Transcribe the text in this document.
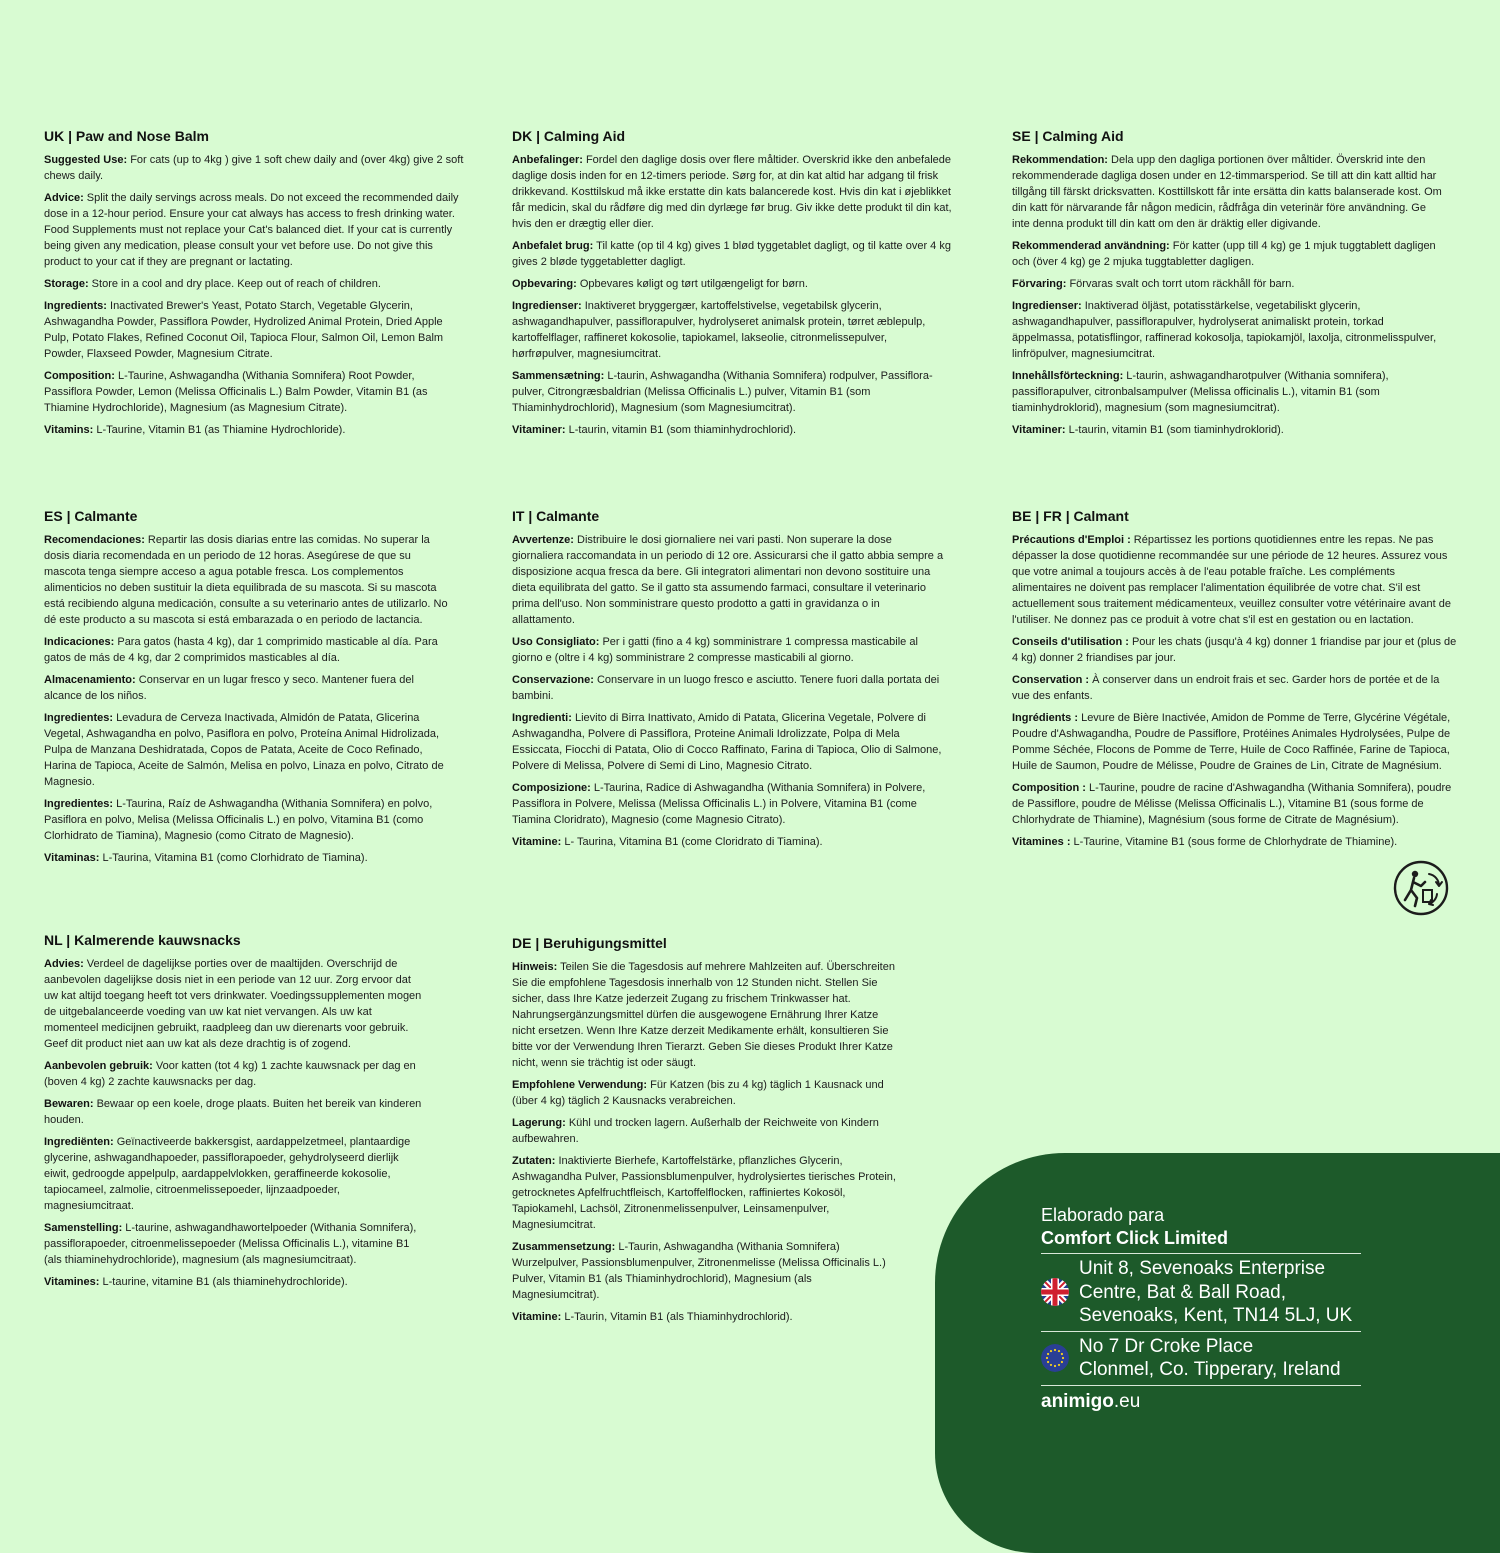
UK | Paw and Nose Balm

Suggested Use: For cats (up to 4kg ) give 1 soft chew daily and (over 4kg) give 2 soft chews daily.

Advice: Split the daily servings across meals. Do not exceed the recommended daily dose in a 12-hour period. Ensure your cat always has access to fresh drinking water. Food Supplements must not replace your Cat's balanced diet. If your cat is currently being given any medication, please consult your vet before use. Do not give this product to your cat if they are pregnant or lactating.

Storage: Store in a cool and dry place. Keep out of reach of children.

Ingredients: Inactivated Brewer's Yeast, Potato Starch, Vegetable Glycerin, Ashwagandha Powder, Passiflora Powder, Hydrolized Animal Protein, Dried Apple Pulp, Potato Flakes, Refined Coconut Oil, Tapioca Flour, Salmon Oil, Lemon Balm Powder, Flaxseed Powder, Magnesium Citrate.

Composition: L-Taurine, Ashwagandha (Withania Somnifera) Root Powder, Passiflora Powder, Lemon (Melissa Officinalis L.) Balm Powder, Vitamin B1 (as Thiamine Hydrochloride), Magnesium (as Magnesium Citrate).

Vitamins: L-Taurine, Vitamin B1 (as Thiamine Hydrochloride).

DK | Calming Aid

Anbefalinger: Fordel den daglige dosis over flere måltider. Overskrid ikke den anbefalede daglige dosis inden for en 12-timers periode. Sørg for, at din kat altid har adgang til frisk drikkevand. Kosttilskud må ikke erstatte din kats balancerede kost. Hvis din kat i øjeblikket får medicin, skal du rådføre dig med din dyrlæge før brug. Giv ikke dette produkt til din kat, hvis den er drægtig eller dier.

Anbefalet brug: Til katte (op til 4 kg) gives 1 blød tyggetablet dagligt, og til katte over 4 kg gives 2 bløde tyggetabletter dagligt.

Opbevaring: Opbevares køligt og tørt utilgængeligt for børn.

Ingredienser: Inaktiveret bryggergær, kartoffelstivelse, vegetabilsk glycerin, ashwagandhapulver, passiflorapulver, hydrolyseret animalsk protein, tørret æblepulp, kartoffelflager, raffineret kokosolie, tapiokamel, lakseolie, citronmelissepulver, hørfrøpulver, magnesiumcitrat.

Sammensætning: L-taurin, Ashwagandha (Withania Somnifera) rodpulver, Passiflora-pulver, Citrongræsbaldrian (Melissa Officinalis L.) pulver, Vitamin B1 (som Thiaminhydrochlorid), Magnesium (som Magnesiumcitrat).

Vitaminer: L-taurin, vitamin B1 (som thiaminhydrochlorid).

SE | Calming Aid

Rekommendation: Dela upp den dagliga portionen över måltider. Överskrid inte den rekommenderade dagliga dosen under en 12-timmarsperiod. Se till att din katt alltid har tillgång till färskt dricksvatten. Kosttillskott får inte ersätta din katts balanserade kost. Om din katt för närvarande får någon medicin, rådfråga din veterinär före användning. Ge inte denna produkt till din katt om den är dräktig eller digivande.

Rekommenderad användning: För katter (upp till 4 kg) ge 1 mjuk tuggtablett dagligen och (över 4 kg) ge 2 mjuka tuggtabletter dagligen.

Förvaring: Förvaras svalt och torrt utom räckhåll för barn.

Ingredienser: Inaktiverad ölјäst, potatisstärkelse, vegetabiliskt glycerin, ashwagandhapulver, passiflorapulver, hydrolyserat animaliskt protein, torkad äppelmassa, potatisflingor, raffinerad kokosolja, tapiokamjöl, laxolja, citronmelisspulver, linfröpulver, magnesiumcitrat.

Innehållsförteckning: L-taurin, ashwagandharotpulver (Withania somnifera), passifloraрulver, citronbalsampulver (Melissa officinalis L.), vitamin B1 (som tiaminhydroklorid), magnesium (som magnesiumcitrat).

Vitaminer: L-taurin, vitamin B1 (som tiaminhydroklorid).

ES | Calmante

Recomendaciones: Repartir las dosis diarias entre las comidas. No superar la dosis diaria recomendada en un periodo de 12 horas. Asegúrese de que su mascota tenga siempre acceso a agua potable fresca. Los complementos alimenticios no deben sustituir la dieta equilibrada de su mascota. Si su mascota está recibiendo alguna medicación, consulte a su veterinario antes de utilizarlo. No dé este producto a su mascota si está embarazada o en periodo de lactancia.

Indicaciones: Para gatos (hasta 4 kg), dar 1 comprimido masticable al día. Para gatos de más de 4 kg, dar 2 comprimidos masticables al día.

Almacenamiento: Conservar en un lugar fresco y seco. Mantener fuera del alcance de los niños.

Ingredientes: Levadura de Cerveza Inactivada, Almidón de Patata, Glicerina Vegetal, Ashwagandha en polvo, Pasiflora en polvo, Proteína Animal Hidrolizada, Pulpa de Manzana Deshidratada, Copos de Patata, Aceite de Coco Refinado, Harina de Tapioca, Aceite de Salmón, Melisa en polvo, Linaza en polvo, Citrato de Magnesio.

Ingredientes: L-Taurina, Raíz de Ashwagandha (Withania Somnifera) en polvo, Pasiflora en polvo, Melisa (Melissa Officinalis L.) en polvo, Vitamina B1 (como Clorhidrato de Tiamina), Magnesio (como Citrato de Magnesio).

Vitaminas: L-Taurina, Vitamina B1 (como Clorhidrato de Tiamina).

IT | Calmante

Avvertenze: Distribuire le dosi giornaliere nei vari pasti. Non superare la dose giornaliera raccomandata in un periodo di 12 ore. Assicurarsi che il gatto abbia sempre a disposizione acqua fresca da bere. Gli integratori alimentari non devono sostituire una dieta equilibrata del gatto. Se il gatto sta assumendo farmaci, consultare il veterinario prima dell'uso. Non somministrare questo prodotto a gatti in gravidanza o in allattamento.

Uso Consigliato: Per i gatti (fino a 4 kg) somministrare 1 compressa masticabile al giorno e (oltre i 4 kg) somministrare 2 compresse masticabili al giorno.

Conservazione: Conservare in un luogo fresco e asciutto. Tenere fuori dalla portata dei bambini.

Ingredienti: Lievito di Birra Inattivato, Amido di Patata, Glicerina Vegetale, Polvere di Ashwagandha, Polvere di Passiflora, Proteine Animali Idrolizzate, Polpa di Mela Essiccata, Fiocchi di Patata, Olio di Cocco Raffinato, Farina di Tapioca, Olio di Salmone, Polvere di Melissa, Polvere di Semi di Lino, Magnesio Citrato.

Composizione: L-Taurina, Radice di Ashwagandha (Withania Somnifera) in Polvere, Passiflora in Polvere, Melissa (Melissa Officinalis L.) in Polvere, Vitamina B1 (come Tiamina Cloridrato), Magnesio (come Magnesio Citrato).

Vitamine: L- Taurina, Vitamina B1 (come Cloridrato di Tiamina).

BE | FR | Calmant

Précautions d'Emploi : Répartissez les portions quotidiennes entre les repas. Ne pas dépasser la dose quotidienne recommandée sur une période de 12 heures. Assurez vous que votre animal a toujours accès à de l'eau potable fraîche. Les compléments alimentaires ne doivent pas remplacer l'alimentation équilibrée de votre chat. S'il est actuellement sous traitement médicamenteux, veuillez consulter votre vétérinaire avant de l'utiliser. Ne donnez pas ce produit à votre chat s'il est en gestation ou en lactation.

Conseils d'utilisation : Pour les chats (jusqu'à 4 kg) donner 1 friandise par jour et (plus de 4 kg) donner 2 friandises par jour.

Conservation : À conserver dans un endroit frais et sec. Garder hors de portée et de la vue des enfants.

Ingrédients : Levure de Bière Inactivée, Amidon de Pomme de Terre, Glycérine Végétale, Poudre d'Ashwagandha, Poudre de Passiflore, Protéines Animales Hydrolysées, Pulpe de Pomme Séchée, Flocons de Pomme de Terre, Huile de Coco Raffinée, Farine de Tapioca, Huile de Saumon, Poudre de Mélisse, Poudre de Graines de Lin, Citrate de Magnésium.

Composition : L-Taurine, poudre de racine d'Ashwagandha (Withania Somnifera), poudre de Passiflore, poudre de Mélisse (Melissa Officinalis L.), Vitamine B1 (sous forme de Chlorhydrate de Thiamine), Magnésium (sous forme de Citrate de Magnésium).

Vitamines : L-Taurine, Vitamine B1 (sous forme de Chlorhydrate de Thiamine).

NL | Kalmerende kauwsnacks

Advies: Verdeel de dagelijkse porties over de maaltijden. Overschrijd de aanbevolen dagelijkse dosis niet in een periode van 12 uur. Zorg ervoor dat uw kat altijd toegang heeft tot vers drinkwater. Voedingssupplementen mogen de uitgebalanceerde voeding van uw kat niet vervangen. Als uw kat momenteel medicijnen gebruikt, raadpleeg dan uw dierenarts voor gebruik. Geef dit product niet aan uw kat als deze drachtig is of zogend.

Aanbevolen gebruik: Voor katten (tot 4 kg) 1 zachte kauwsnack per dag en (boven 4 kg) 2 zachte kauwsnacks per dag.

Bewaren: Bewaar op een koele, droge plaats. Buiten het bereik van kinderen houden.

Ingrediënten: Geïnactiveerde bakkersgist, aardappelzetmeel, plantaardige glycerine, ashwagandhapoeder, passiflorapoeder, gehydrolyseerd dierlijk eiwit, gedroogde appelpulp, aardappelvlokken, geraffineerde kokosolie, tapiocameel, zalmolie, citroenmelissepoeder, lijnzaadpoeder, magnesiumcitraat.

Samenstelling: L-taurine, ashwagandhawortelpoeder (Withania Somnifera), passiflorapoeder, citroenmelissepoeder (Melissa Officinalis L.), vitamine B1 (als thiaminehydrochloride), magnesium (als magnesiumcitraat).

Vitamines: L-taurine, vitamine B1 (als thiaminehydrochloride).

DE | Beruhigungsmittel

Hinweis: Teilen Sie die Tagesdosis auf mehrere Mahlzeiten auf. Überschreiten Sie die empfohlene Tagesdosis innerhalb von 12 Stunden nicht. Stellen Sie sicher, dass Ihre Katze jederzeit Zugang zu frischem Trinkwasser hat. Nahrungsergänzungsmittel dürfen die ausgewogene Ernährung Ihrer Katze nicht ersetzen. Wenn Ihre Katze derzeit Medikamente erhält, konsultieren Sie bitte vor der Verwendung Ihren Tierarzt. Geben Sie dieses Produkt Ihrer Katze nicht, wenn sie trächtig ist oder säugt.

Empfohlene Verwendung: Für Katzen (bis zu 4 kg) täglich 1 Kausnack und (über 4 kg) täglich 2 Kausnacks verabreichen.

Lagerung: Kühl und trocken lagern. Außerhalb der Reichweite von Kindern aufbewahren.

Zutaten: Inaktivierte Bierhefe, Kartoffelstärke, pflanzliches Glycerin, Ashwagandha Pulver, Passionsblumenpulver, hydrolysiertes tierisches Protein, getrocknetes Apfelfruchtfleisch, Kartoffelflocken, raffiniertes Kokosöl, Tapiokamehl, Lachsöl, Zitronenmelissenpulver, Leinsamenpulver, Magnesiumcitrat.

Zusammensetzung: L-Taurin, Ashwagandha (Withania Somnifera) Wurzelpulver, Passionsblumenpulver, Zitronenmelisse (Melissa Officinalis L.) Pulver, Vitamin B1 (als Thiaminhydrochlorid), Magnesium (als Magnesiumcitrat).

Vitamine: L-Taurin, Vitamin B1 (als Thiaminhydrochlorid).

Elaborado para
Comfort Click Limited
Unit 8, Sevenoaks Enterprise
Centre, Bat & Ball Road,
Sevenoaks, Kent, TN14 5LJ, UK
No 7 Dr Croke Place
Clonmel, Co. Tipperary, Ireland
animigo.eu
